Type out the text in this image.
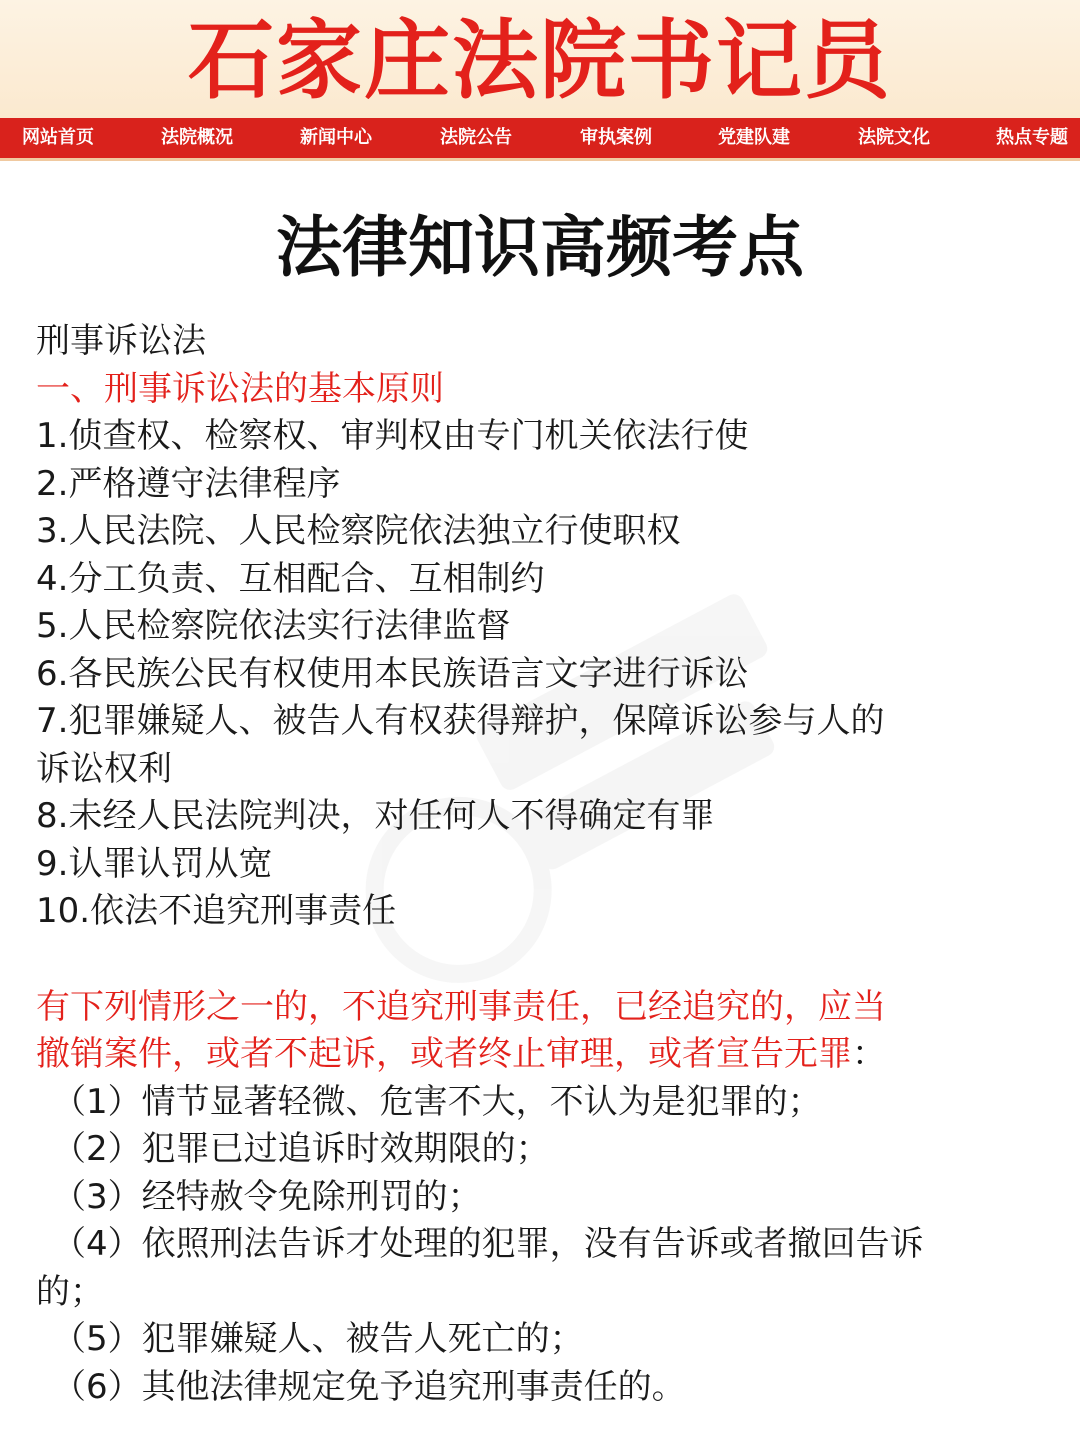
石家庄法院书记员
网站首页	法院概况	新闻中心	法院公告	审执案例	党建队建	法院文化	热点专题
法律知识高频考点
刑事诉讼法
一、刑事诉讼法的基本原则
1.侦查权、检察权、审判权由专门机关依法行使
2.严格遵守法律程序
3.人民法院、人民检察院依法独立行使职权
4.分工负责、互相配合、互相制约
5.人民检察院依法实行法律监督
6.各民族公民有权使用本民族语言文字进行诉讼
7.犯罪嫌疑人、被告人有权获得辩护，保障诉讼参与人的
诉讼权利
8.未经人民法院判决，对任何人不得确定有罪
9.认罪认罚从宽
10.依法不追究刑事责任
有下列情形之一的，不追究刑事责任，已经追究的，应当
撤销案件，或者不起诉，或者终止审理，或者宣告无罪：
（1）情节显著轻微、危害不大，不认为是犯罪的；
（2）犯罪已过追诉时效期限的；
（3）经特赦令免除刑罚的；
（4）依照刑法告诉才处理的犯罪，没有告诉或者撤回告诉
的；
（5）犯罪嫌疑人、被告人死亡的；
（6）其他法律规定免予追究刑事责任的。
